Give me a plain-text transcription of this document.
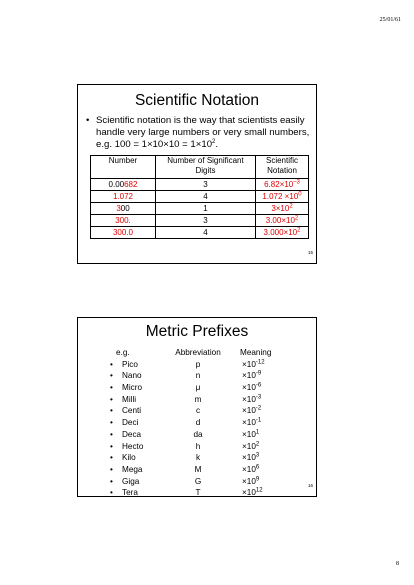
25/01/61
Scientific Notation
• Scientific notation is the way that scientists easily handle very large numbers or very small numbers, e.g. $100 = 1\times 10\times 10 = 1\times 10^2$.
Number	Number of Significant Digits	Scientific Notation
0.00682	3	$6.82\times 10^{-3}$
1.072	4	$1.072 \times 10^0$
300	1	$3\times 10^2$
300.	3	$3.00\times 10^2$
300.0	4	$3.000\times 10^2$
15
Metric Prefixes
e.g.	Abbreviation	Meaning
• Pico	p	$\times 10^{-12}$
• Nano	n	$\times 10^{-9}$
• Micro	μ	$\times 10^{-6}$
• Milli	m	$\times 10^{-3}$
• Centi	c	$\times 10^{-2}$
• Deci	d	$\times 10^{-1}$
• Deca	da	$\times 10^1$
• Hecto	h	$\times 10^2$
• Kilo	k	$\times 10^3$
• Mega	M	$\times 10^6$
• Giga	G	$\times 10^9$
• Tera	T	$\times 10^{12}$
16
8
